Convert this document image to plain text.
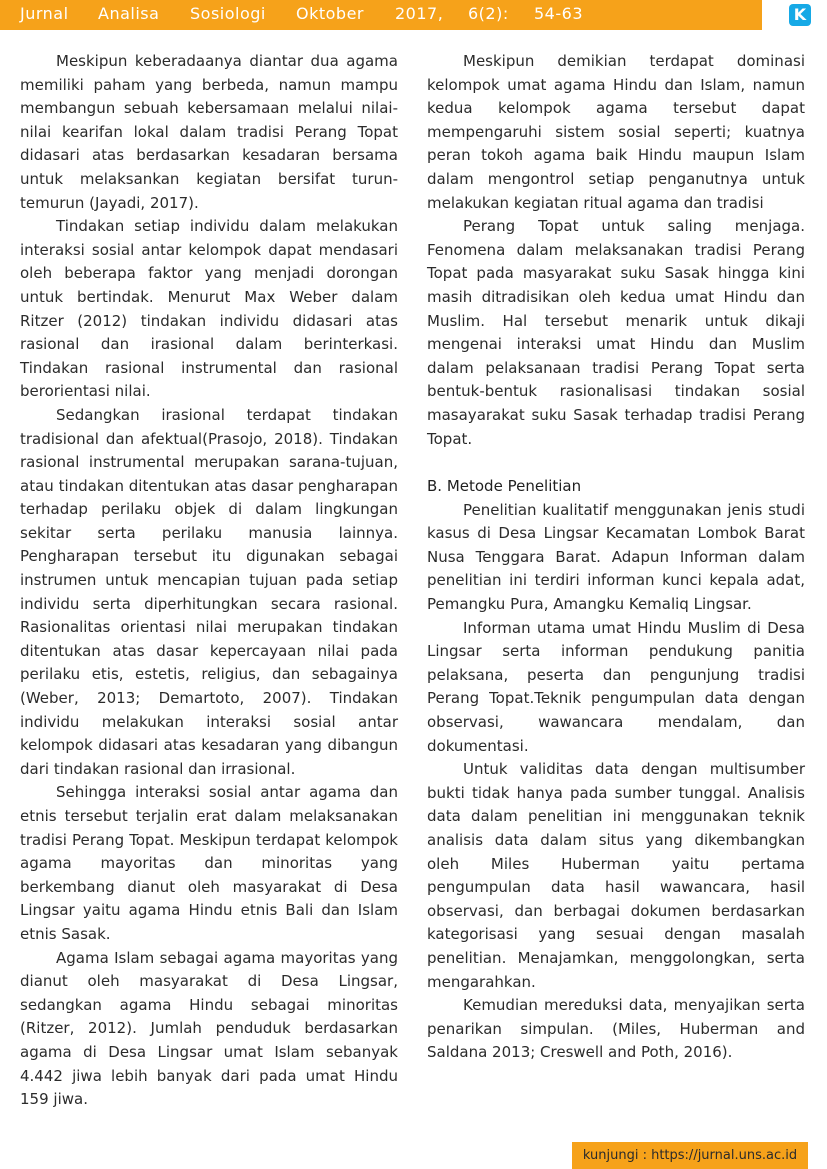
Jurnal Analisa Sosiologi Oktober 2017, 6(2): 54-63	K

Meskipun keberadaanya diantar dua agama memiliki paham yang berbeda, namun mampu membangun sebuah kebersamaan melalui nilai-nilai kearifan lokal dalam tradisi Perang Topat didasari atas berdasarkan kesadaran bersama untuk melaksankan kegiatan bersifat turun-temurun (Jayadi, 2017).

Tindakan setiap individu dalam melakukan interaksi sosial antar kelompok dapat mendasari oleh beberapa faktor yang menjadi dorongan untuk bertindak. Menurut Max Weber dalam Ritzer (2012) tindakan individu didasari atas rasional dan irasional dalam berinterkasi. Tindakan rasional instrumental dan rasional berorientasi nilai.

Sedangkan irasional terdapat tindakan tradisional dan afektual(Prasojo, 2018). Tindakan rasional instrumental merupakan sarana-tujuan, atau tindakan ditentukan atas dasar pengharapan terhadap perilaku objek di dalam lingkungan sekitar serta perilaku manusia lainnya. Pengharapan tersebut itu digunakan sebagai instrumen untuk mencapian tujuan pada setiap individu serta diperhitungkan secara rasional. Rasionalitas orientasi nilai merupakan tindakan ditentukan atas dasar kepercayaan nilai pada perilaku etis, estetis, religius, dan sebagainya (Weber, 2013; Demartoto, 2007). Tindakan individu melakukan interaksi sosial antar kelompok didasari atas kesadaran yang dibangun dari tindakan rasional dan irrasional.

Sehingga interaksi sosial antar agama dan etnis tersebut terjalin erat dalam melaksanakan tradisi Perang Topat. Meskipun terdapat kelompok agama mayoritas dan minoritas yang berkembang dianut oleh masyarakat di Desa Lingsar yaitu agama Hindu etnis Bali dan Islam etnis Sasak.

Agama Islam sebagai agama mayoritas yang dianut oleh masyarakat di Desa Lingsar, sedangkan agama Hindu sebagai minoritas (Ritzer, 2012). Jumlah penduduk berdasarkan agama di Desa Lingsar umat Islam sebanyak 4.442 jiwa lebih banyak dari pada umat Hindu 159 jiwa.

Meskipun demikian terdapat dominasi kelompok umat agama Hindu dan Islam, namun kedua kelompok agama tersebut dapat mempengaruhi sistem sosial seperti; kuatnya peran tokoh agama baik Hindu maupun Islam dalam mengontrol setiap penganutnya untuk melakukan kegiatan ritual agama dan tradisi

Perang Topat untuk saling menjaga. Fenomena dalam melaksanakan tradisi Perang Topat pada masyarakat suku Sasak hingga kini masih ditradisikan oleh kedua umat Hindu dan Muslim. Hal tersebut menarik untuk dikaji mengenai interaksi umat Hindu dan Muslim dalam pelaksanaan tradisi Perang Topat serta bentuk-bentuk rasionalisasi tindakan sosial masayarakat suku Sasak terhadap tradisi Perang Topat.

B. Metode Penelitian

Penelitian kualitatif menggunakan jenis studi kasus di Desa Lingsar Kecamatan Lombok Barat Nusa Tenggara Barat. Adapun Informan dalam penelitian ini terdiri informan kunci kepala adat, Pemangku Pura, Amangku Kemaliq Lingsar.

Informan utama umat Hindu Muslim di Desa Lingsar serta informan pendukung panitia pelaksana, peserta dan pengunjung tradisi Perang Topat.Teknik pengumpulan data dengan observasi, wawancara mendalam, dan dokumentasi.

Untuk validitas data dengan multisumber bukti tidak hanya pada sumber tunggal. Analisis data dalam penelitian ini menggunakan teknik analisis data dalam situs yang dikembangkan oleh Miles Huberman yaitu pertama pengumpulan data hasil wawancara, hasil observasi, dan berbagai dokumen berdasarkan kategorisasi yang sesuai dengan masalah penelitian. Menajamkan, menggolongkan, serta mengarahkan.

Kemudian mereduksi data, menyajikan serta penarikan simpulan. (Miles, Huberman and Saldana 2013; Creswell and Poth, 2016).

kunjungi : https://jurnal.uns.ac.id
